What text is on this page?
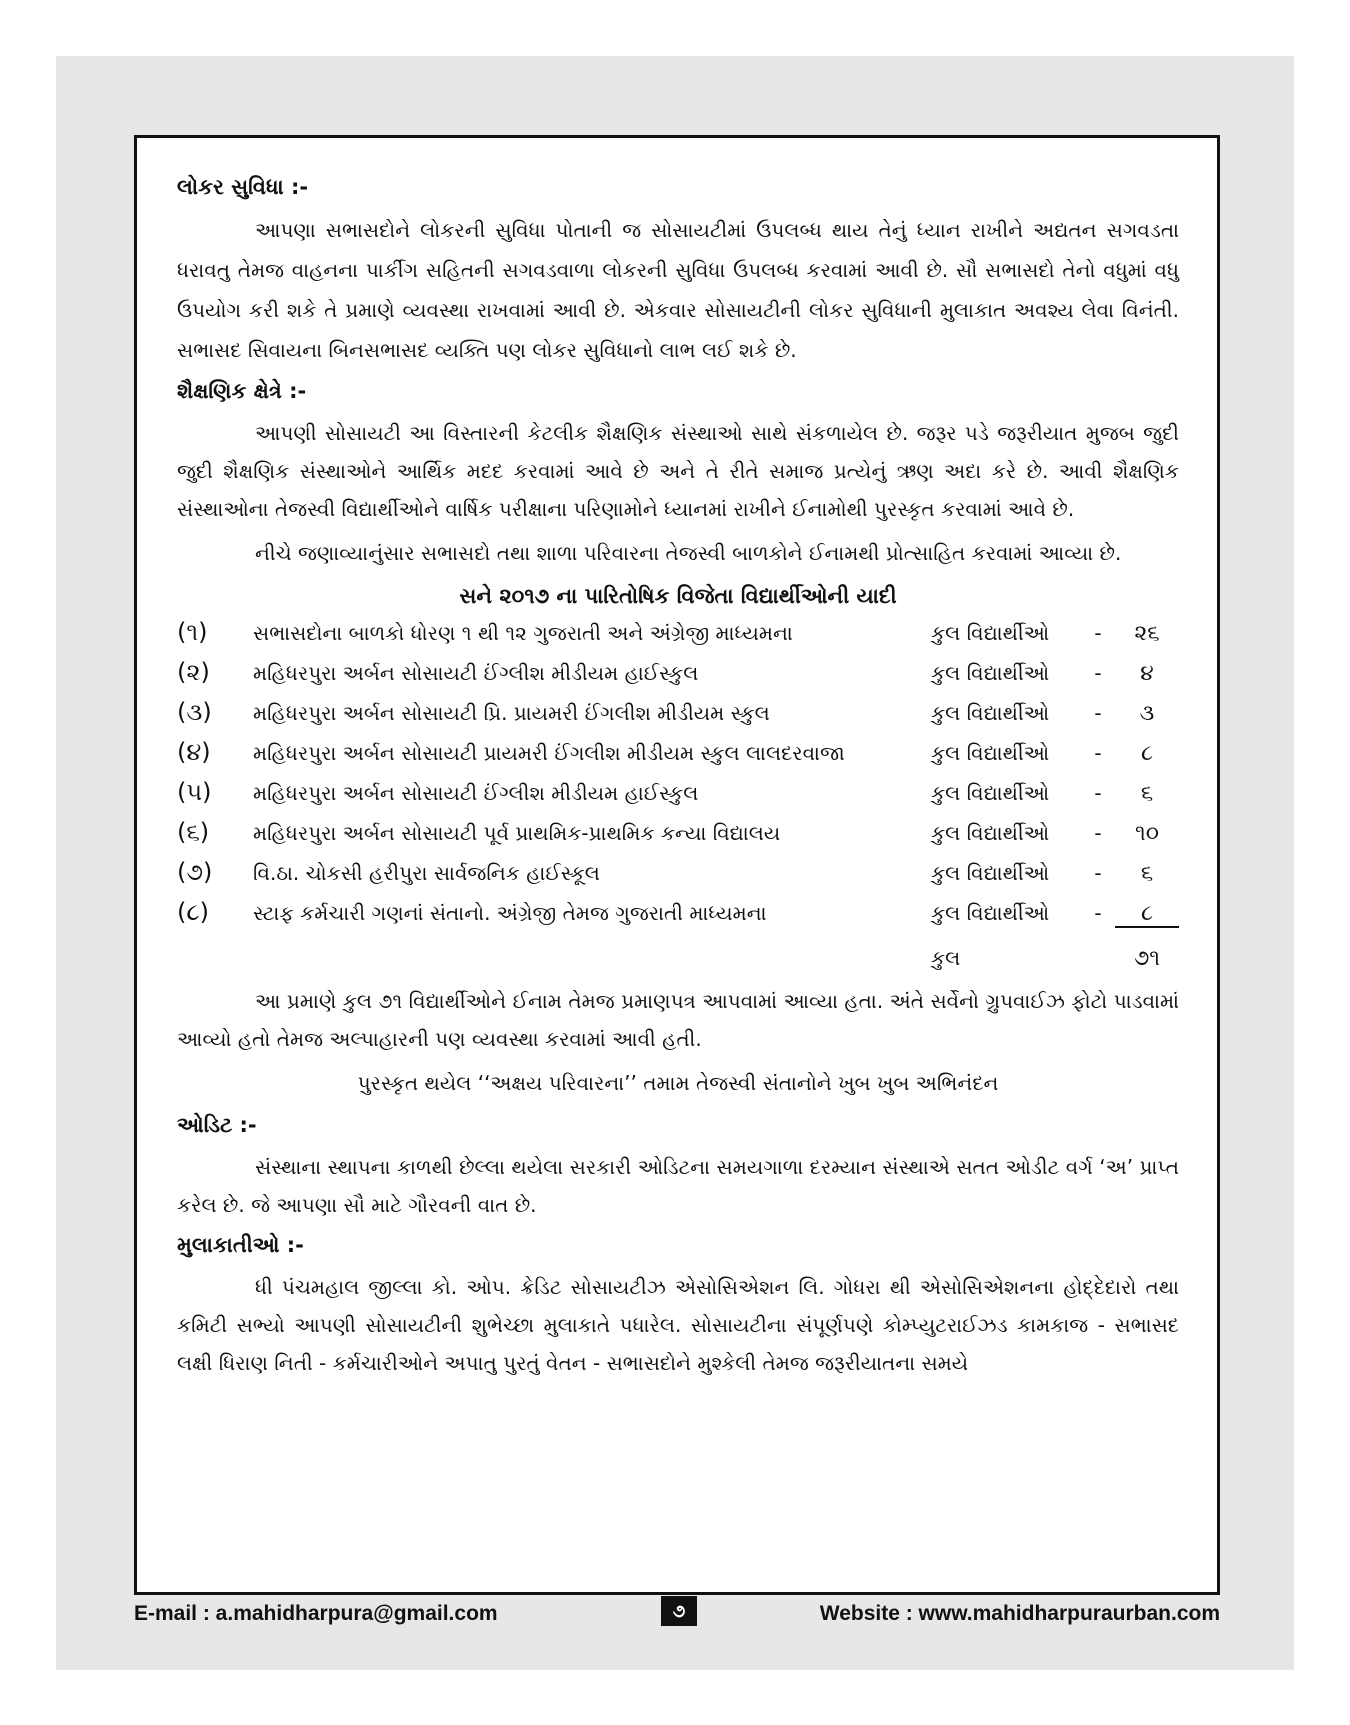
લોકર સુવિધા :-

આપણા સભાસદોને લોકરની સુવિધા પોતાની જ સોસાયટીમાં ઉપલબ્ધ થાય તેનું ધ્યાન રાખીને અદ્યતન સગવડતા ધરાવતુ તેમજ વાહનના પાર્કીગ સહિતની સગવડવાળા લોકરની સુવિધા ઉપલબ્ધ કરવામાં આવી છે. સૌ સભાસદો તેનો વધુમાં વધુ ઉપયોગ કરી શકે તે પ્રમાણે વ્યવસ્થા રાખવામાં આવી છે. એકવાર સોસાયટીની લોકર સુવિધાની મુલાકાત અવશ્ય લેવા વિનંતી. સભાસદ સિવાયના બિનસભાસદ વ્યક્તિ પણ લોકર સુવિધાનો લાભ લઈ શકે છે.

શૈક્ષણિક ક્ષેત્રે :-

આપણી સોસાયટી આ વિસ્તારની કેટલીક શૈક્ષણિક સંસ્થાઓ સાથે સંકળાયેલ છે. જરૂર પડે જરૂરીયાત મુજબ જુદી જુદી શૈક્ષણિક સંસ્થાઓને આર્થિક મદદ કરવામાં આવે છે અને તે રીતે સમાજ પ્રત્યેનું ઋણ અદા કરે છે. આવી શૈક્ષણિક સંસ્થાઓના તેજસ્વી વિદ્યાર્થીઓને વાર્ષિક પરીક્ષાના પરિણામોને ધ્યાનમાં રાખીને ઈનામોથી પુરસ્કૃત કરવામાં આવે છે.

નીચે જણાવ્યાનુંસાર સભાસદો તથા શાળા પરિવારના તેજસ્વી બાળકોને ઈનામથી પ્રોત્સાહિત કરવામાં આવ્યા છે.

સને ૨૦૧૭ ના પારિતોષિક વિજેતા વિદ્યાર્થીઓની યાદી
(૧)	સભાસદોના બાળકો ધોરણ ૧ થી ૧૨ ગુજરાતી અને અંગ્રેજી માધ્યમના	કુલ વિદ્યાર્થીઓ	-	૨૬
(૨)	મહિધરપુરા અર્બન સોસાયટી ઈંગ્લીશ મીડીયમ હાઈસ્કુલ	કુલ વિદ્યાર્થીઓ	-	૪
(૩)	મહિધરપુરા અર્બન સોસાયટી પ્રિ. પ્રાયમરી ઈંગલીશ મીડીયમ સ્કુલ	કુલ વિદ્યાર્થીઓ	-	૩
(૪)	મહિધરપુરા અર્બન સોસાયટી પ્રાયમરી ઈંગલીશ મીડીયમ સ્કુલ લાલદરવાજા	કુલ વિદ્યાર્થીઓ	-	૮
(૫)	મહિધરપુરા અર્બન સોસાયટી ઈંગ્લીશ મીડીયમ હાઈસ્કુલ	કુલ વિદ્યાર્થીઓ	-	૬
(૬)	મહિધરપુરા અર્બન સોસાયટી પૂર્વ પ્રાથમિક-પ્રાથમિક કન્યા વિદ્યાલય	કુલ વિદ્યાર્થીઓ	-	૧૦
(૭)	વિ.ઠા. ચોકસી હરીપુરા સાર્વજનિક હાઈસ્કૂલ	કુલ વિદ્યાર્થીઓ	-	૬
(૮)	સ્ટાફ કર્મચારી ગણનાં સંતાનો. અંગ્રેજી તેમજ ગુજરાતી માધ્યમના	કુલ વિદ્યાર્થીઓ	-	૮
કુલ	૭૧

આ પ્રમાણે કુલ ૭૧ વિદ્યાર્થીઓને ઈનામ તેમજ પ્રમાણપત્ર આપવામાં આવ્યા હતા. અંતે સર્વેનો ગ્રુપવાઈઝ ફોટો પાડવામાં આવ્યો હતો તેમજ અલ્પાહારની પણ વ્યવસ્થા કરવામાં આવી હતી.

પુરસ્કૃત થયેલ ‘‘અક્ષય પરિવારના’’ તમામ તેજસ્વી સંતાનોને ખુબ ખુબ અભિનંદન
ઓડિટ :-

સંસ્થાના સ્થાપના કાળથી છેલ્લા થયેલા સરકારી ઓડિટના સમયગાળા દરમ્યાન સંસ્થાએ સતત ઓડીટ વર્ગ ‘અ’ પ્રાપ્ત કરેલ છે. જે આપણા સૌ માટે ગૌરવની વાત છે.

મુલાકાતીઓ :-

ધી પંચમહાલ જીલ્લા કો. ઓપ. ક્રેડિટ સોસાયટીઝ એસોસિએશન લિ. ગોધરા થી એસોસિએશનના હોદ્દેદારો તથા કમિટી સભ્યો આપણી સોસાયટીની શુભેચ્છા મુલાકાતે પધારેલ. સોસાયટીના સંપૂર્ણપણે કોમ્પ્યુટરાઈઝડ કામકાજ - સભાસદ લક્ષી ધિરાણ નિતી - કર્મચારીઓને અપાતુ પુરતું વેતન - સભાસદોને મુશ્કેલી તેમજ જરૂરીયાતના સમયે

E-mail : a.mahidharpura@gmail.com	૭	Website : www.mahidharpuraurban.com
